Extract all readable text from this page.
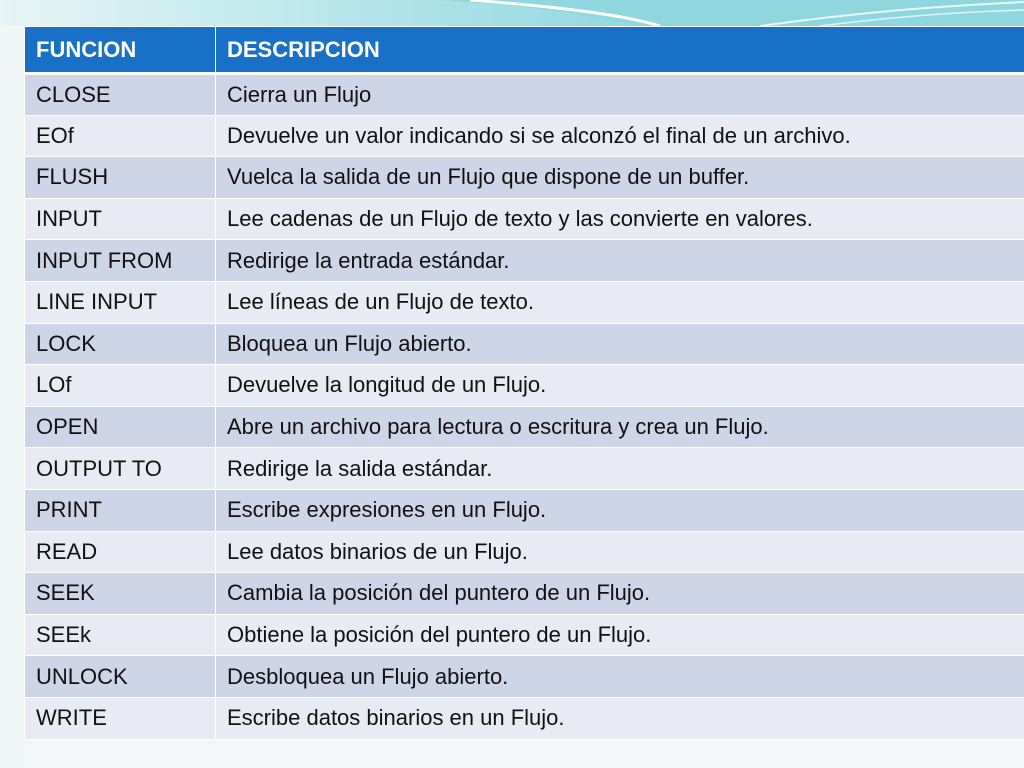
FUNCION	DESCRIPCION
CLOSE	Cierra un Flujo
EOf	Devuelve un valor indicando si se alconzó el final de un archivo.
FLUSH	Vuelca la salida de un Flujo que dispone de un buffer.
INPUT	Lee cadenas de un Flujo de texto y las convierte en valores.
INPUT FROM	Redirige la entrada estándar.
LINE INPUT	Lee líneas de un Flujo de texto.
LOCK	Bloquea un Flujo abierto.
LOf	Devuelve la longitud de un Flujo.
OPEN	Abre un archivo para lectura o escritura y crea un Flujo.
OUTPUT TO	Redirige la salida estándar.
PRINT	Escribe expresiones en un Flujo.
READ	Lee datos binarios de un Flujo.
SEEK	Cambia la posición del puntero de un Flujo.
SEEk	Obtiene la posición del puntero de un Flujo.
UNLOCK	Desbloquea un Flujo abierto.
WRITE	Escribe datos binarios en un Flujo.
